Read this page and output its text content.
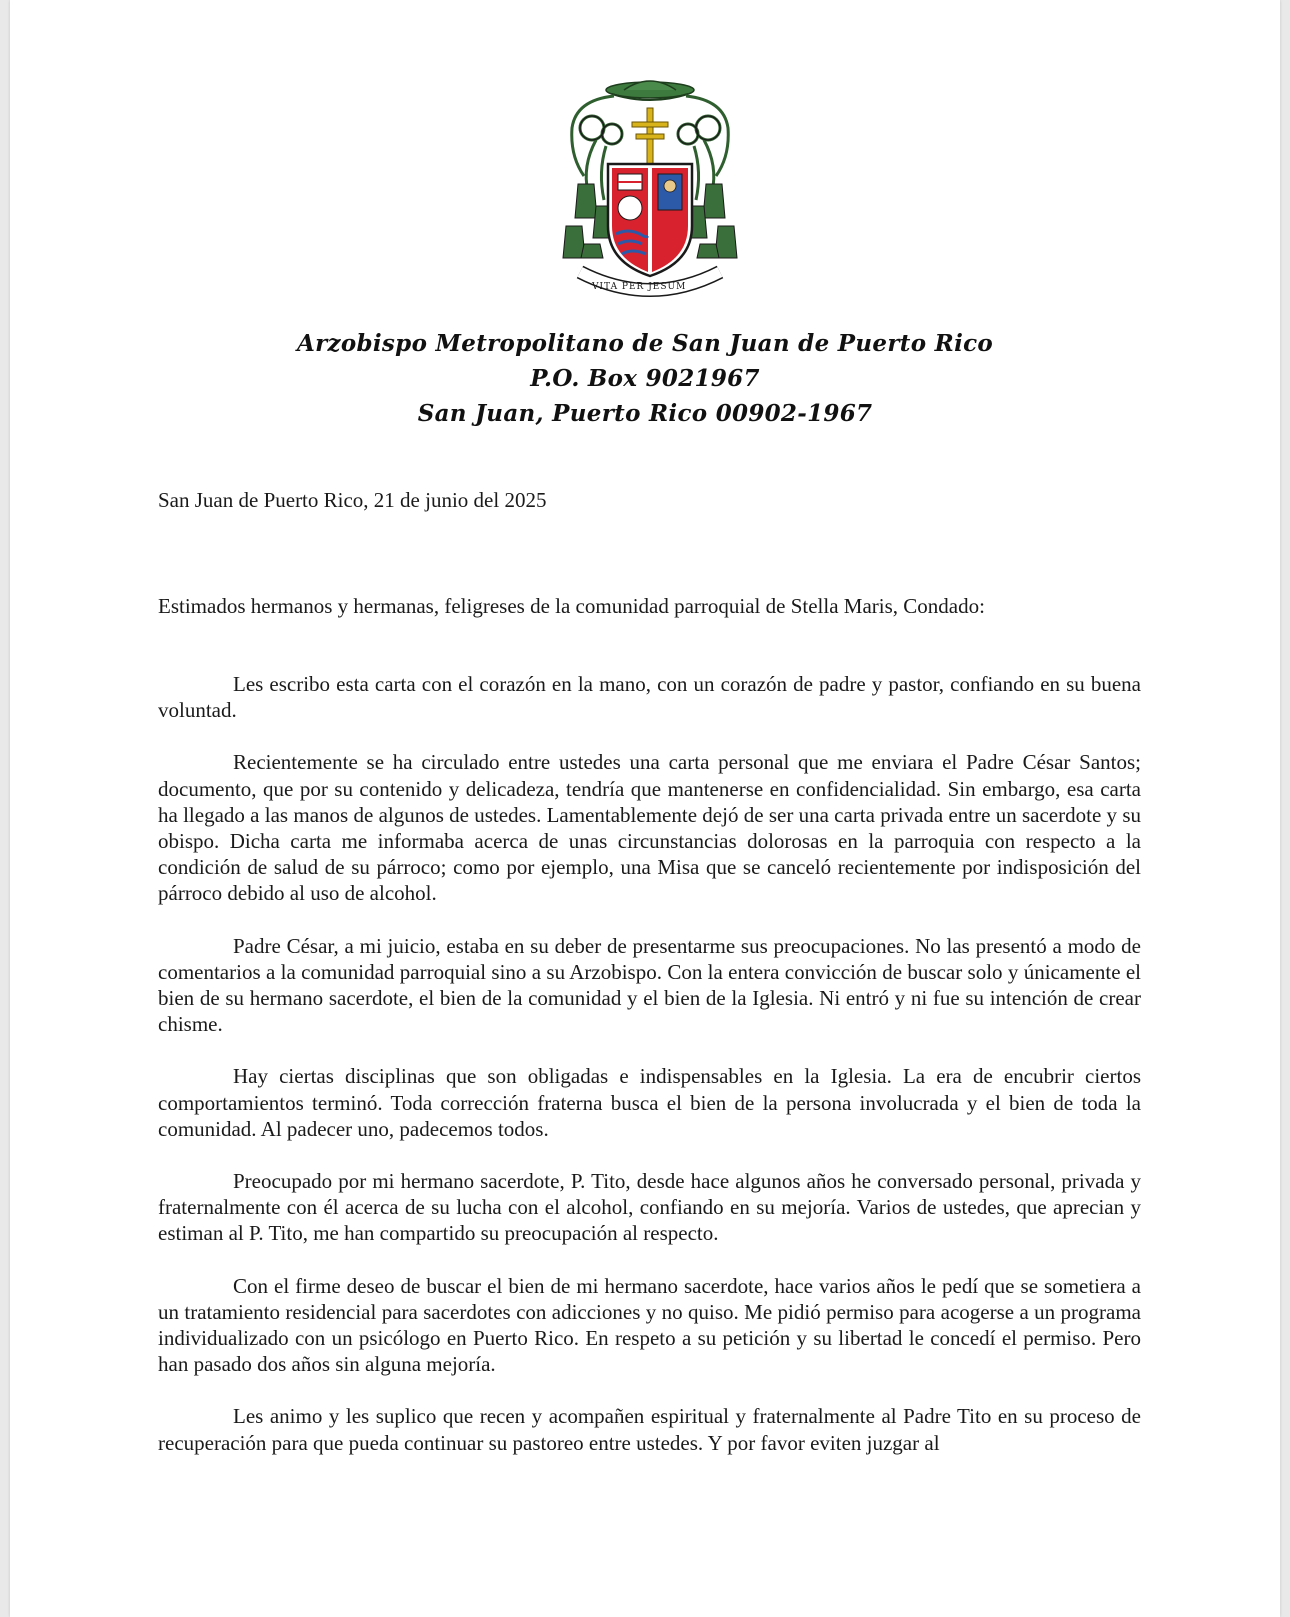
VITA PER JESUM
Arzobispo Metropolitano de San Juan de Puerto Rico
P.O. Box 9021967
San Juan, Puerto Rico 00902-1967
San Juan de Puerto Rico, 21 de junio del 2025
Estimados hermanos y hermanas, feligreses de la comunidad parroquial de Stella Maris, Condado:

Les escribo esta carta con el corazón en la mano, con un corazón de padre y pastor, confiando en su buena voluntad.

Recientemente se ha circulado entre ustedes una carta personal que me enviara el Padre César Santos; documento, que por su contenido y delicadeza, tendría que mantenerse en confidencialidad. Sin embargo, esa carta ha llegado a las manos de algunos de ustedes. Lamentablemente dejó de ser una carta privada entre un sacerdote y su obispo. Dicha carta me informaba acerca de unas circunstancias dolorosas en la parroquia con respecto a la condición de salud de su párroco; como por ejemplo, una Misa que se canceló recientemente por indisposición del párroco debido al uso de alcohol.

Padre César, a mi juicio, estaba en su deber de presentarme sus preocupaciones. No las presentó a modo de comentarios a la comunidad parroquial sino a su Arzobispo. Con la entera convicción de buscar solo y únicamente el bien de su hermano sacerdote, el bien de la comunidad y el bien de la Iglesia. Ni entró y ni fue su intención de crear chisme.

Hay ciertas disciplinas que son obligadas e indispensables en la Iglesia. La era de encubrir ciertos comportamientos terminó. Toda corrección fraterna busca el bien de la persona involucrada y el bien de toda la comunidad. Al padecer uno, padecemos todos.

Preocupado por mi hermano sacerdote, P. Tito, desde hace algunos años he conversado personal, privada y fraternalmente con él acerca de su lucha con el alcohol, confiando en su mejoría. Varios de ustedes, que aprecian y estiman al P. Tito, me han compartido su preocupación al respecto.

Con el firme deseo de buscar el bien de mi hermano sacerdote, hace varios años le pedí que se sometiera a un tratamiento residencial para sacerdotes con adicciones y no quiso. Me pidió permiso para acogerse a un programa individualizado con un psicólogo en Puerto Rico. En respeto a su petición y su libertad le concedí el permiso. Pero han pasado dos años sin alguna mejoría.

Les animo y les suplico que recen y acompañen espiritual y fraternalmente al Padre Tito en su proceso de recuperación para que pueda continuar su pastoreo entre ustedes. Y por favor eviten juzgar al
